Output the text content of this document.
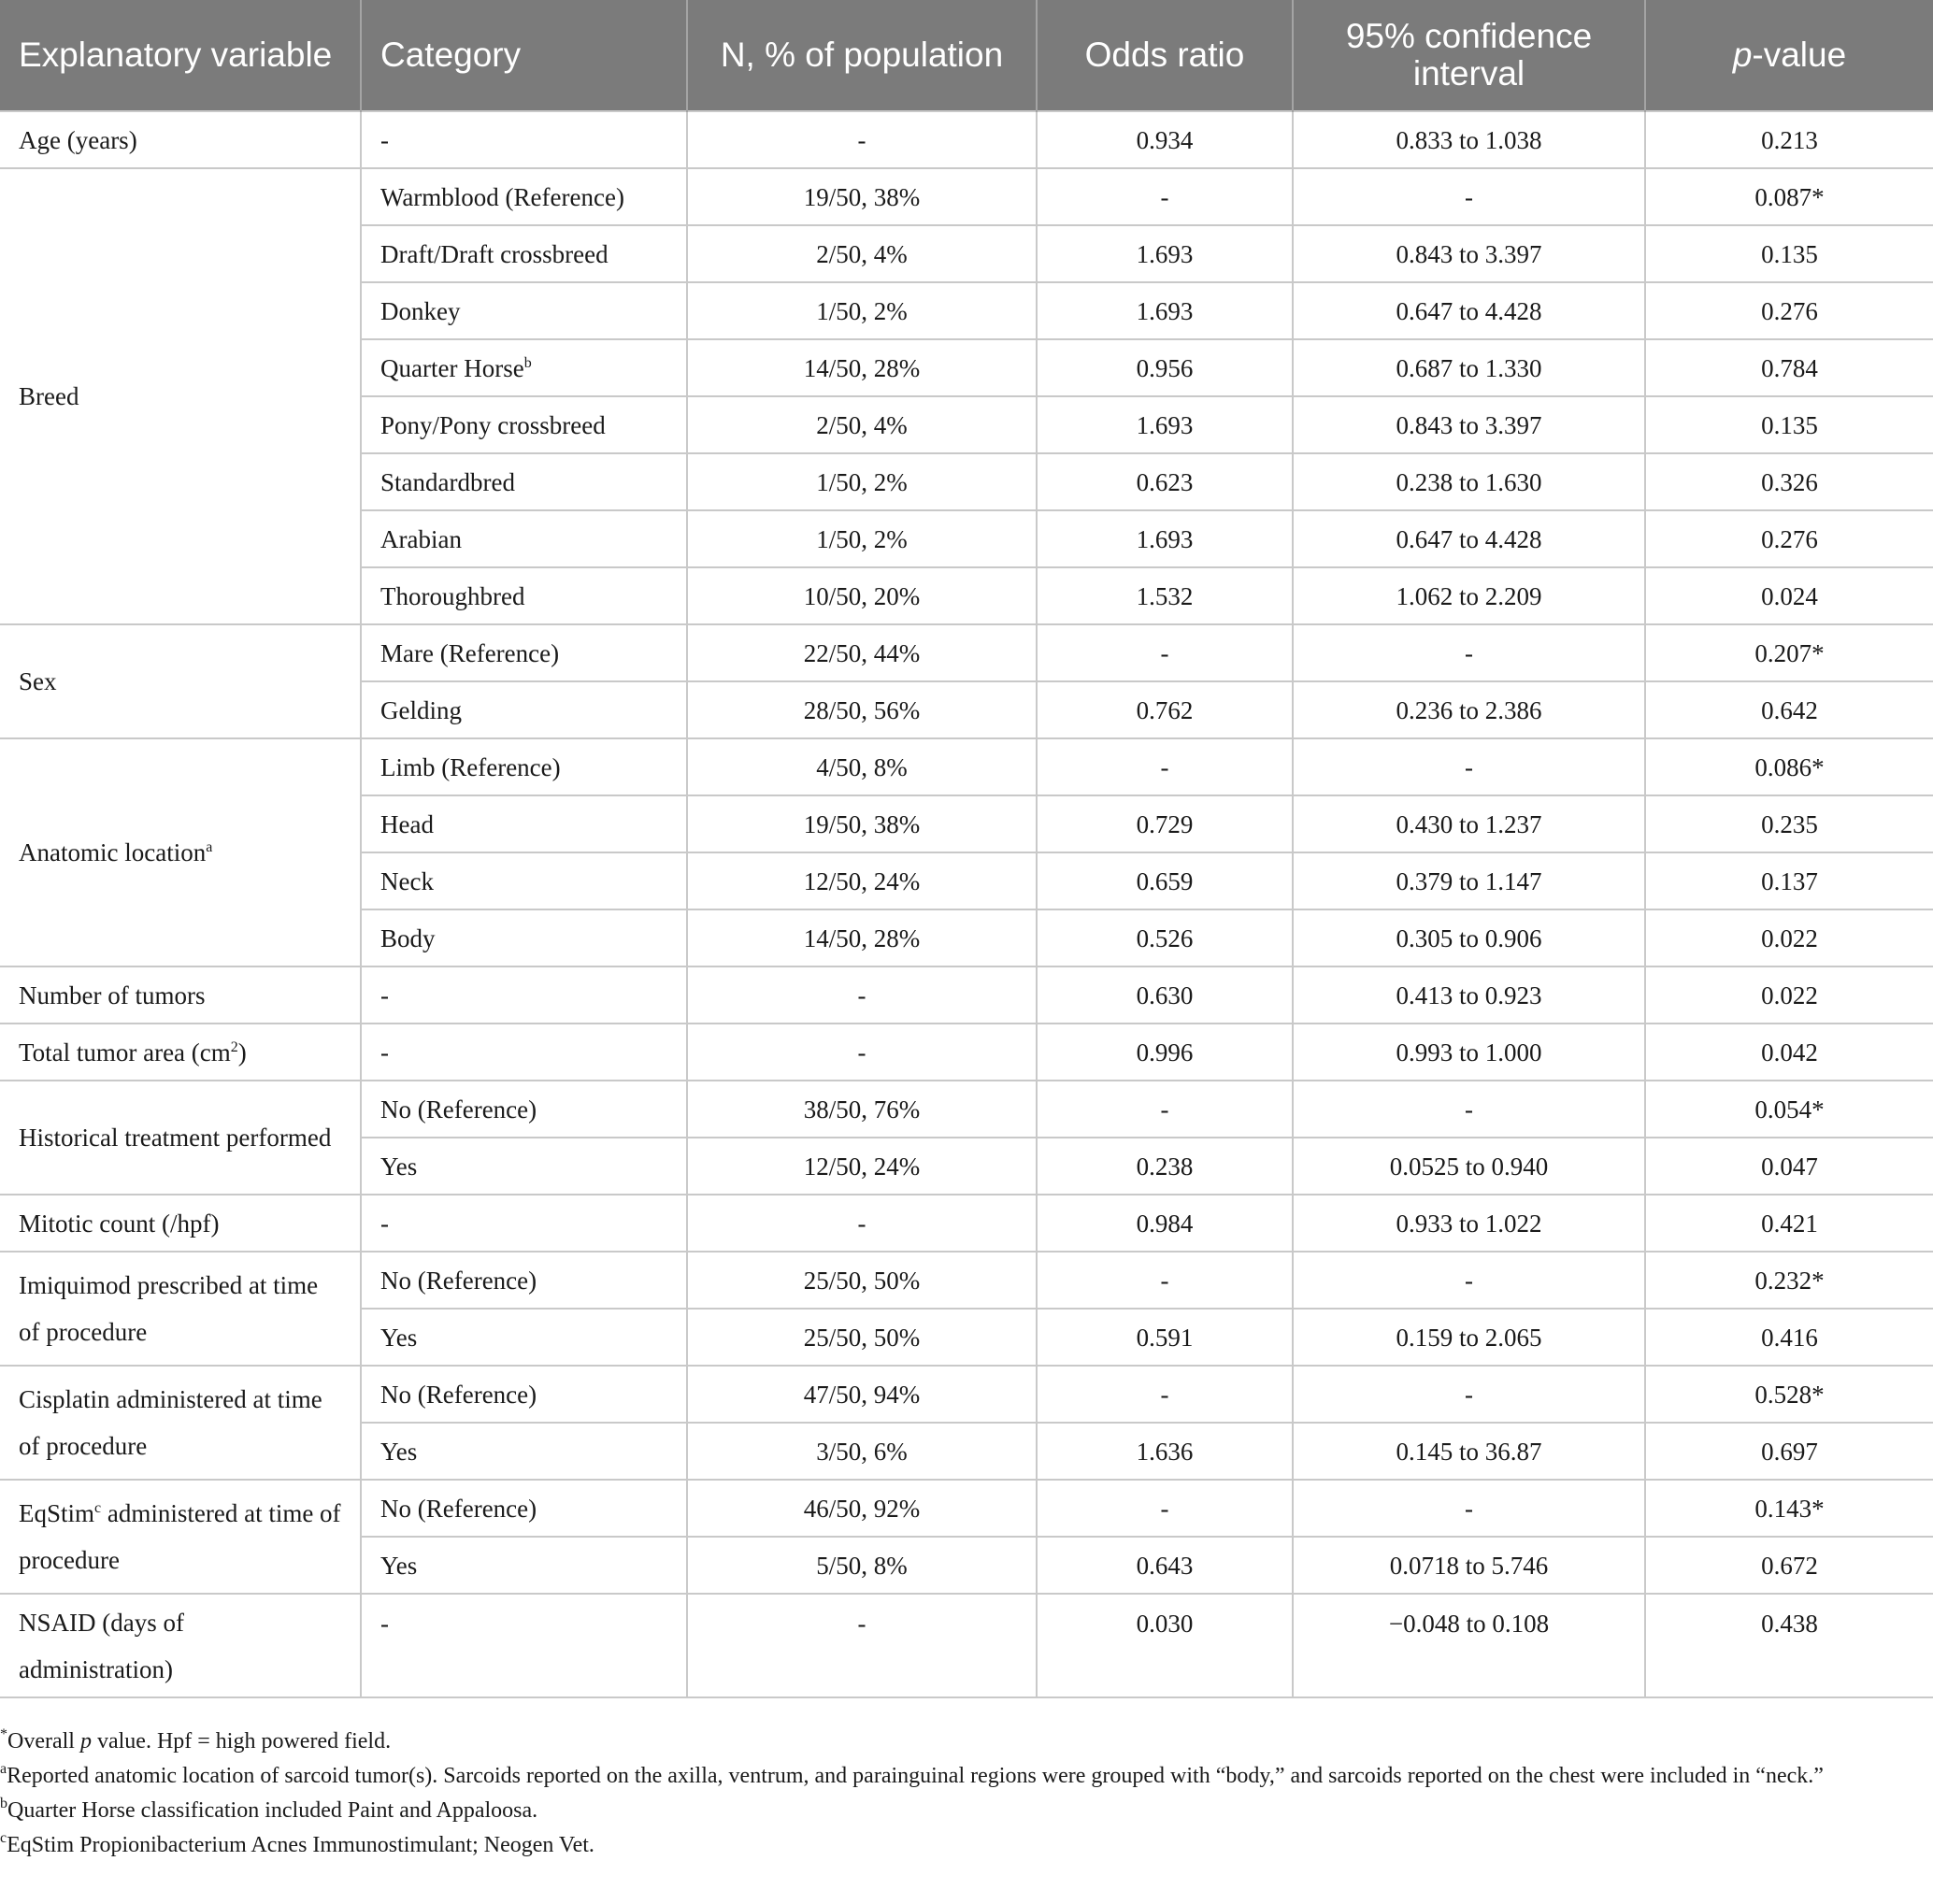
Explanatory variable	Category	N, % of population	Odds ratio	95% confidence interval	p-value
Age (years)	-	-	0.934	0.833 to 1.038	0.213
Breed	Warmblood (Reference)	19/50, 38%	-	-	0.087*
	Draft/Draft crossbreed	2/50, 4%	1.693	0.843 to 3.397	0.135
	Donkey	1/50, 2%	1.693	0.647 to 4.428	0.276
	Quarter Horse$^b$	14/50, 28%	0.956	0.687 to 1.330	0.784
	Pony/Pony crossbreed	2/50, 4%	1.693	0.843 to 3.397	0.135
	Standardbred	1/50, 2%	0.623	0.238 to 1.630	0.326
	Arabian	1/50, 2%	1.693	0.647 to 4.428	0.276
	Thoroughbred	10/50, 20%	1.532	1.062 to 2.209	0.024
Sex	Mare (Reference)	22/50, 44%	-	-	0.207*
	Gelding	28/50, 56%	0.762	0.236 to 2.386	0.642
Anatomic location$^a$	Limb (Reference)	4/50, 8%	-	-	0.086*
	Head	19/50, 38%	0.729	0.430 to 1.237	0.235
	Neck	12/50, 24%	0.659	0.379 to 1.147	0.137
	Body	14/50, 28%	0.526	0.305 to 0.906	0.022
Number of tumors	-	-	0.630	0.413 to 0.923	0.022
Total tumor area $(cm^2)$	-	-	0.996	0.993 to 1.000	0.042
Historical treatment performed	No (Reference)	38/50, 76%	-	-	0.054*
	Yes	12/50, 24%	0.238	0.0525 to 0.940	0.047
Mitotic count (/hpf)	-	-	0.984	0.933 to 1.022	0.421
Imiquimod prescribed at time of procedure	No (Reference)	25/50, 50%	-	-	0.232*
	Yes	25/50, 50%	0.591	0.159 to 2.065	0.416
Cisplatin administered at time of procedure	No (Reference)	47/50, 94%	-	-	0.528*
	Yes	3/50, 6%	1.636	0.145 to 36.87	0.697
EqStim$^c$ administered at time of procedure	No (Reference)	46/50, 92%	-	-	0.143*
	Yes	5/50, 8%	0.643	0.0718 to 5.746	0.672
NSAID (days of administration)	-	-	0.030	−0.048 to 0.108	0.438

*Overall p value. Hpf = high powered field.

$^a$Reported anatomic location of sarcoid tumor(s). Sarcoids reported on the axilla, ventrum, and parainguinal regions were grouped with “body,” and sarcoids reported on the chest were included in “neck.”

$^b$Quarter Horse classification included Paint and Appaloosa.

$^c$EqStim Propionibacterium Acnes Immunostimulant; Neogen Vet.
